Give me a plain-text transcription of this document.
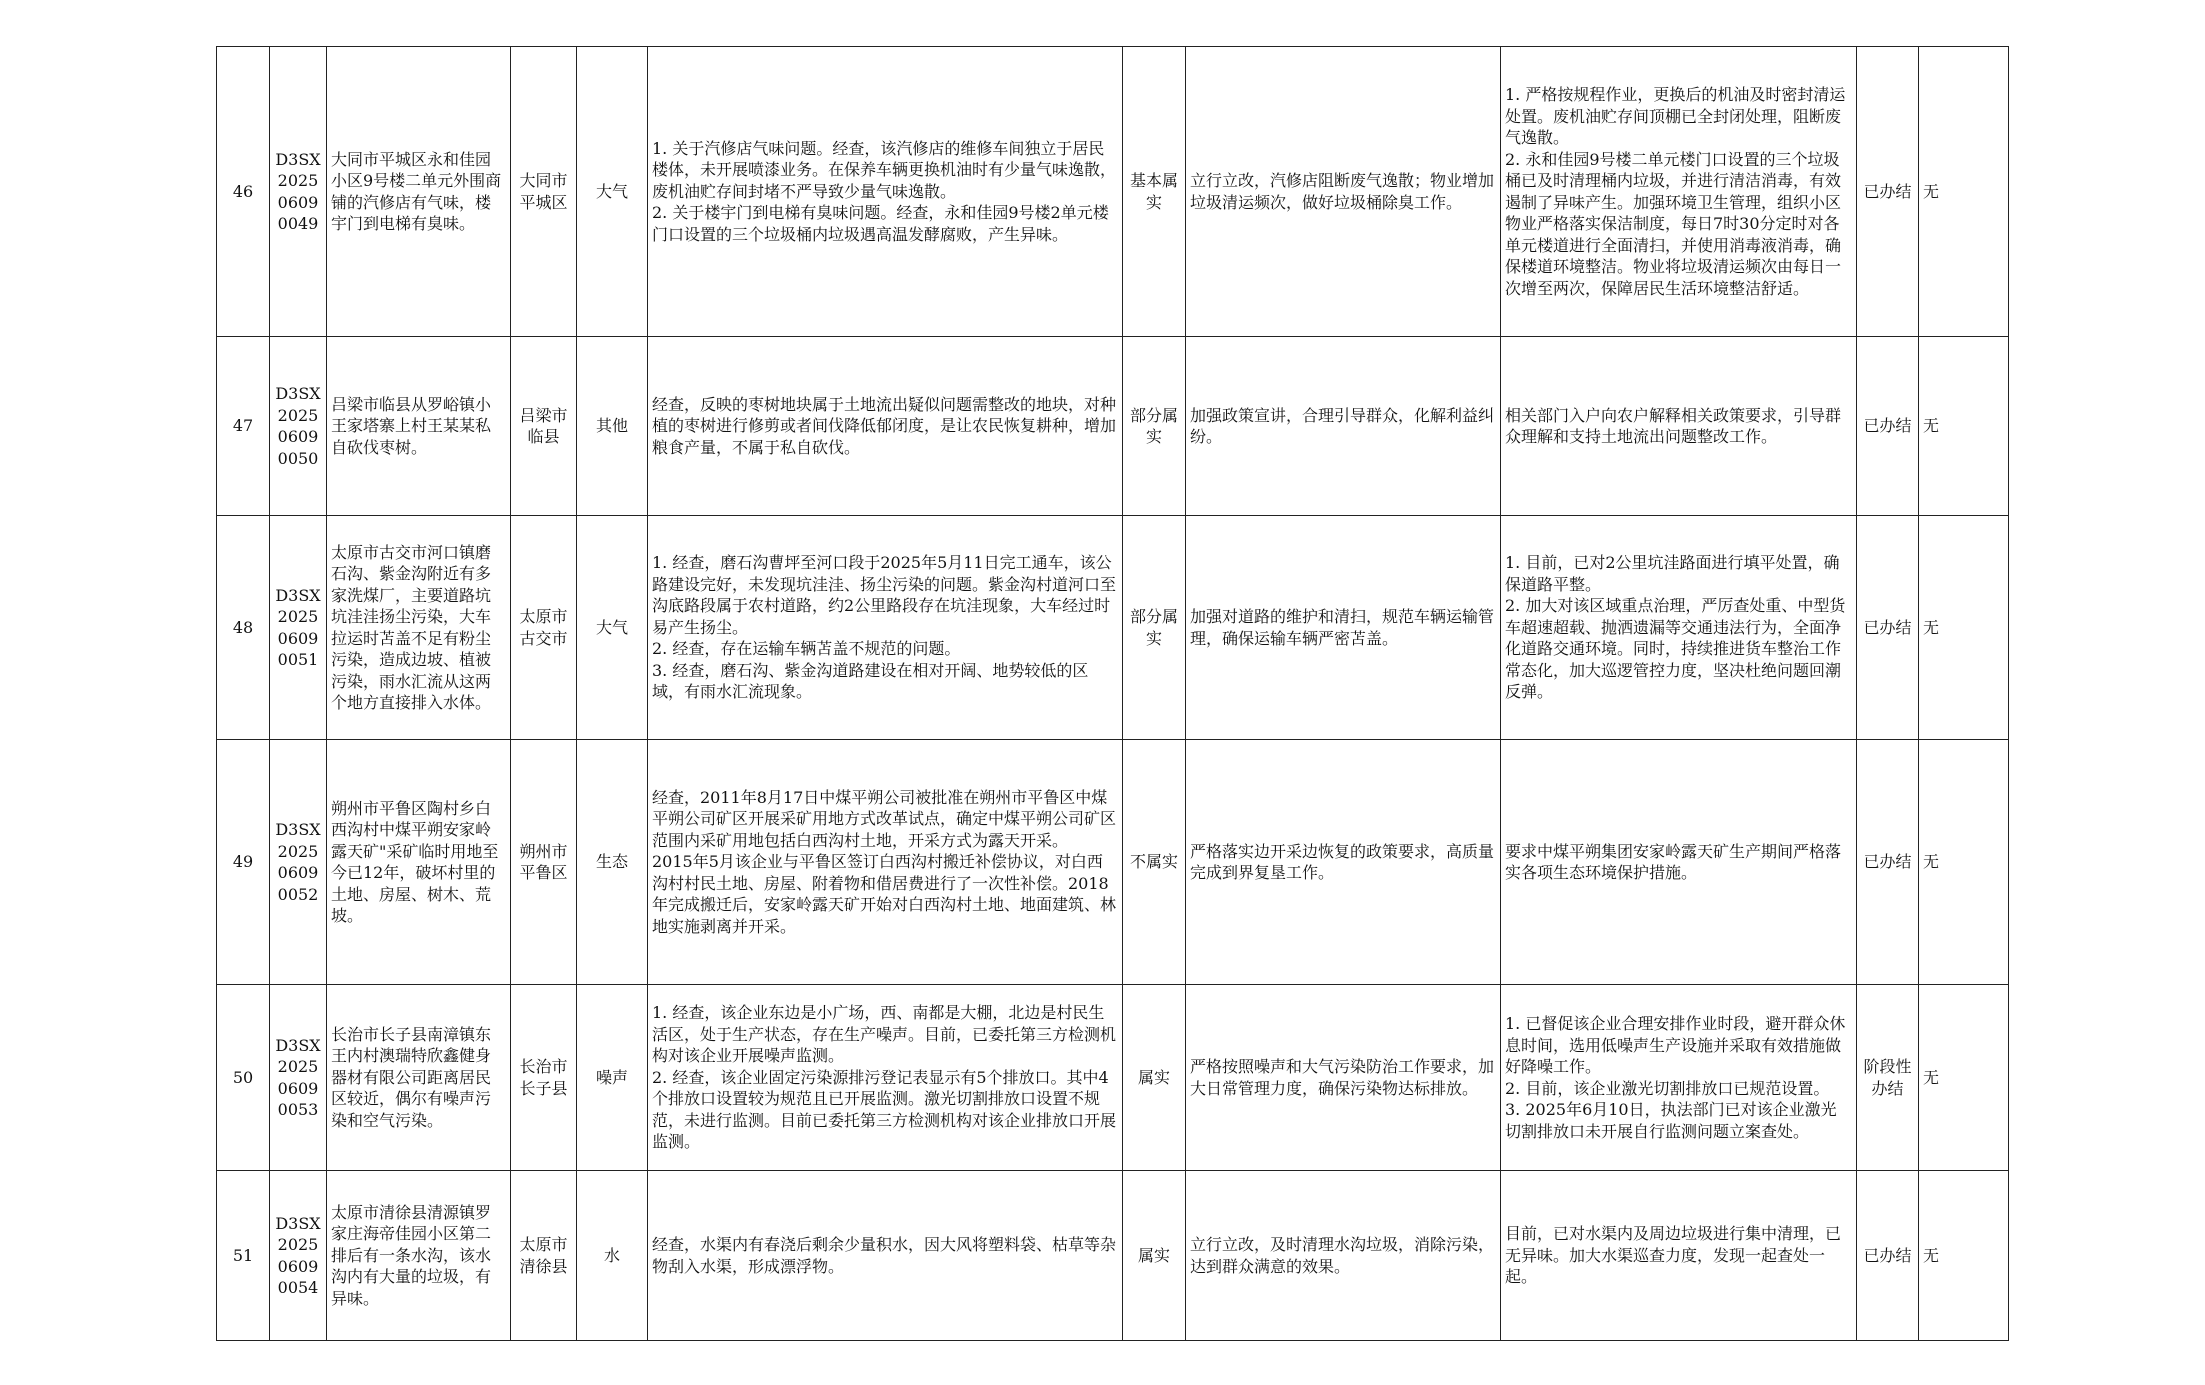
46	D3SX202506090049	大同市平城区永和佳园小区9号楼二单元外围商铺的汽修店有气味，楼宇门到电梯有臭味。	大同市平城区	大气	1. 关于汽修店气味问题。经查，该汽修店的维修车间独立于居民楼体，未开展喷漆业务。在保养车辆更换机油时有少量气味逸散，废机油贮存间封堵不严导致少量气味逸散。
2. 关于楼宇门到电梯有臭味问题。经查，永和佳园9号楼2单元楼门口设置的三个垃圾桶内垃圾遇高温发酵腐败，产生异味。	基本属实	立行立改，汽修店阻断废气逸散；物业增加垃圾清运频次，做好垃圾桶除臭工作。	1. 严格按规程作业，更换后的机油及时密封清运处置。废机油贮存间顶棚已全封闭处理，阻断废气逸散。
2. 永和佳园9号楼二单元楼门口设置的三个垃圾桶已及时清理桶内垃圾，并进行清洁消毒，有效遏制了异味产生。加强环境卫生管理，组织小区物业严格落实保洁制度，每日7时30分定时对各单元楼道进行全面清扫，并使用消毒液消毒，确保楼道环境整洁。物业将垃圾清运频次由每日一次增至两次，保障居民生活环境整洁舒适。	已办结	无
47	D3SX202506090050	吕梁市临县从罗峪镇小王家塔寨上村王某某私自砍伐枣树。	吕梁市临县	其他	经查，反映的枣树地块属于土地流出疑似问题需整改的地块，对种植的枣树进行修剪或者间伐降低郁闭度，是让农民恢复耕种，增加粮食产量，不属于私自砍伐。	部分属实	加强政策宣讲，合理引导群众，化解利益纠纷。	相关部门入户向农户解释相关政策要求，引导群众理解和支持土地流出问题整改工作。	已办结	无
48	D3SX202506090051	太原市古交市河口镇磨石沟、紫金沟附近有多家洗煤厂，主要道路坑坑洼洼扬尘污染，大车拉运时苫盖不足有粉尘污染，造成边坡、植被污染，雨水汇流从这两个地方直接排入水体。	太原市古交市	大气	1. 经查，磨石沟曹坪至河口段于2025年5月11日完工通车，该公路建设完好，未发现坑洼洼、扬尘污染的问题。紫金沟村道河口至沟底路段属于农村道路，约2公里路段存在坑洼现象，大车经过时易产生扬尘。
2. 经查，存在运输车辆苫盖不规范的问题。
3. 经查，磨石沟、紫金沟道路建设在相对开阔、地势较低的区域，有雨水汇流现象。	部分属实	加强对道路的维护和清扫，规范车辆运输管理，确保运输车辆严密苫盖。	1. 目前，已对2公里坑洼路面进行填平处置，确保道路平整。
2. 加大对该区域重点治理，严厉查处重、中型货车超速超载、抛洒遗漏等交通违法行为，全面净化道路交通环境。同时，持续推进货车整治工作常态化，加大巡逻管控力度，坚决杜绝问题回潮反弹。	已办结	无
49	D3SX202506090052	朔州市平鲁区陶村乡白西沟村中煤平朔安家岭露天矿"采矿临时用地至今已12年，破坏村里的土地、房屋、树木、荒坡。	朔州市平鲁区	生态	经查，2011年8月17日中煤平朔公司被批准在朔州市平鲁区中煤平朔公司矿区开展采矿用地方式改革试点，确定中煤平朔公司矿区范围内采矿用地包括白西沟村土地，开采方式为露天开采。
2015年5月该企业与平鲁区签订白西沟村搬迁补偿协议，对白西沟村村民土地、房屋、附着物和借居费进行了一次性补偿。2018年完成搬迁后，安家岭露天矿开始对白西沟村土地、地面建筑、林地实施剥离并开采。	不属实	严格落实边开采边恢复的政策要求，高质量完成到界复垦工作。	要求中煤平朔集团安家岭露天矿生产期间严格落实各项生态环境保护措施。	已办结	无
50	D3SX202506090053	长治市长子县南漳镇东王内村澳瑞特欣鑫健身器材有限公司距离居民区较近，偶尔有噪声污染和空气污染。	长治市长子县	噪声	1. 经查，该企业东边是小广场，西、南都是大棚，北边是村民生活区，处于生产状态，存在生产噪声。目前，已委托第三方检测机构对该企业开展噪声监测。
2. 经查，该企业固定污染源排污登记表显示有5个排放口。其中4个排放口设置较为规范且已开展监测。激光切割排放口设置不规范，未进行监测。目前已委托第三方检测机构对该企业排放口开展监测。	属实	严格按照噪声和大气污染防治工作要求，加大日常管理力度，确保污染物达标排放。	1. 已督促该企业合理安排作业时段，避开群众休息时间，选用低噪声生产设施并采取有效措施做好降噪工作。
2. 目前，该企业激光切割排放口已规范设置。
3. 2025年6月10日，执法部门已对该企业激光切割排放口未开展自行监测问题立案查处。	阶段性办结	无
51	D3SX202506090054	太原市清徐县清源镇罗家庄海帝佳园小区第二排后有一条水沟，该水沟内有大量的垃圾，有异味。	太原市清徐县	水	经查，水渠内有春浇后剩余少量积水，因大风将塑料袋、枯草等杂物刮入水渠，形成漂浮物。	属实	立行立改，及时清理水沟垃圾，消除污染，达到群众满意的效果。	目前，已对水渠内及周边垃圾进行集中清理，已无异味。加大水渠巡查力度，发现一起查处一起。	已办结	无
